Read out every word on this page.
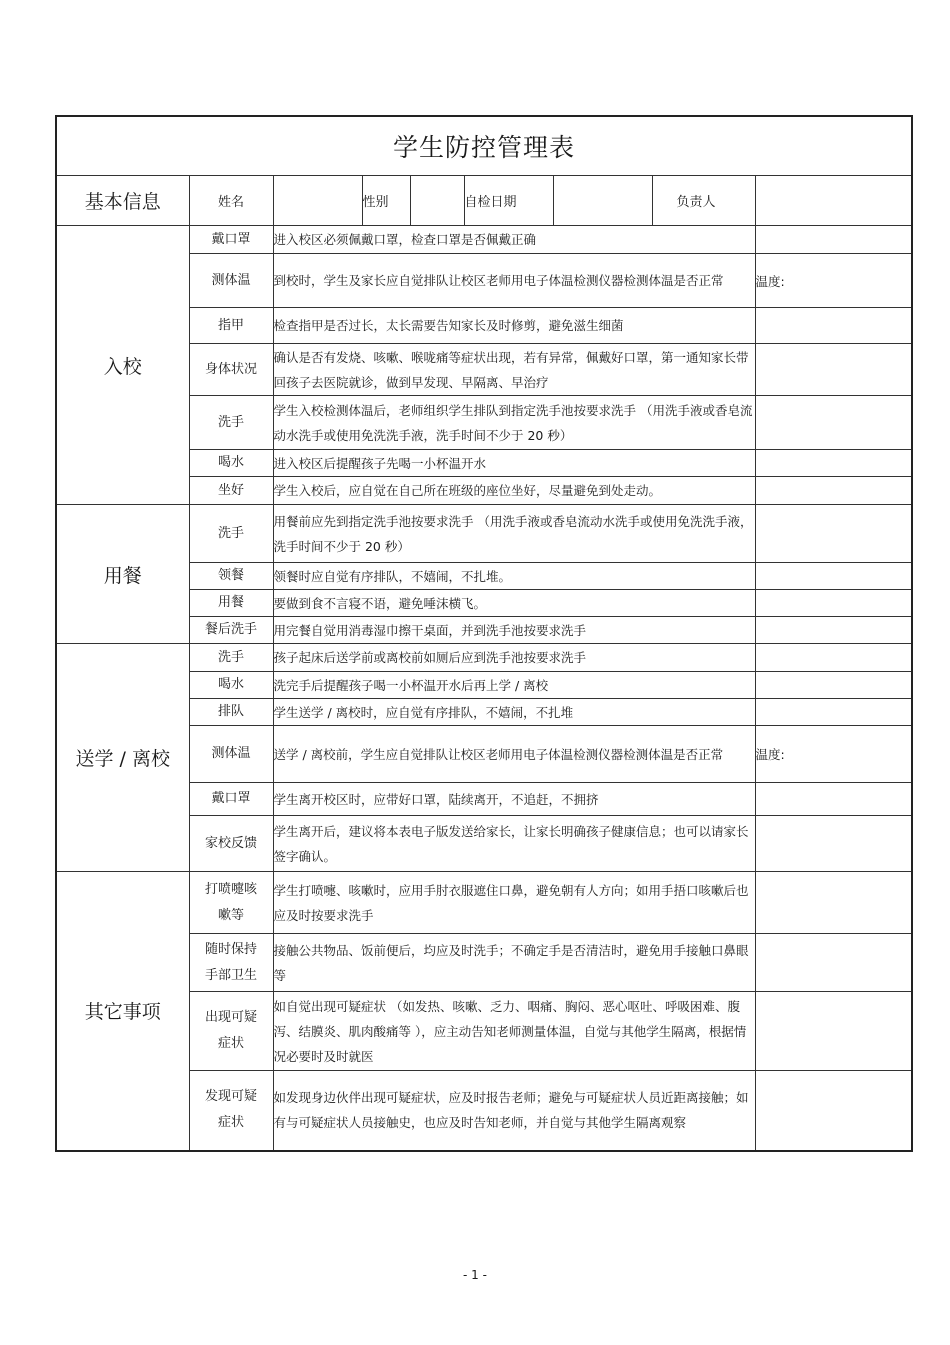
学生防控管理表								
基本信息	姓名		性别		自检日期		负责人	
入校	戴口罩	进入校区必须佩戴口罩，检查口罩是否佩戴正确						
	测体温	到校时，学生及家长应自觉排队让校区老师用电子体温检测仪器检测体温是否正常						温度:
	指甲	检查指甲是否过长，太长需要告知家长及时修剪，避免滋生细菌						
	身体状况	确认是否有发烧、咳嗽、喉咙痛等症状出现，若有异常，佩戴好口罩，第一通知家长带回孩子去医院就诊，做到早发现、早隔离、早治疗						
	洗手	学生入校检测体温后，老师组织学生排队到指定洗手池按要求洗手 （用洗手液或香皂流动水洗手或使用免洗洗手液，洗手时间不少于 20 秒）						
	喝水	进入校区后提醒孩子先喝一小杯温开水						
	坐好	学生入校后，应自觉在自己所在班级的座位坐好，尽量避免到处走动。						
用餐	洗手	用餐前应先到指定洗手池按要求洗手 （用洗手液或香皂流动水洗手或使用免洗洗手液，洗手时间不少于 20 秒）						
	领餐	领餐时应自觉有序排队，不嬉闹，不扎堆。						
	用餐	要做到食不言寝不语，避免唾沫横飞。						
	餐后洗手	用完餐自觉用消毒湿巾擦干桌面，并到洗手池按要求洗手						
送学 / 离校	洗手	孩子起床后送学前或离校前如厕后应到洗手池按要求洗手						
	喝水	洗完手后提醒孩子喝一小杯温开水后再上学 / 离校						
	排队	学生送学 / 离校时，应自觉有序排队，不嬉闹，不扎堆						
	测体温	送学 / 离校前，学生应自觉排队让校区老师用电子体温检测仪器检测体温是否正常						温度:
	戴口罩	学生离开校区时，应带好口罩，陆续离开，不追赶，不拥挤						
	家校反馈	学生离开后，建议将本表电子版发送给家长，让家长明确孩子健康信息；也可以请家长签字确认。						
其它事项	打喷嚏咳嗽等	学生打喷嚏、咳嗽时，应用手肘衣服遮住口鼻，避免朝有人方向；如用手捂口咳嗽后也应及时按要求洗手						
	随时保持手部卫生	接触公共物品、饭前便后，均应及时洗手；不确定手是否清洁时，避免用手接触口鼻眼等						
	出现可疑症状	如自觉出现可疑症状 （如发热、咳嗽、乏力、咽痛、胸闷、恶心呕吐、呼吸困难、腹泻、结膜炎、肌肉酸痛等 ），应主动告知老师测量体温，自觉与其他学生隔离，根据情况必要时及时就医						
	发现可疑症状	如发现身边伙伴出现可疑症状，应及时报告老师；避免与可疑症状人员近距离接触；如有与可疑症状人员接触史，也应及时告知老师，并自觉与其他学生隔离观察						
- 1 -
